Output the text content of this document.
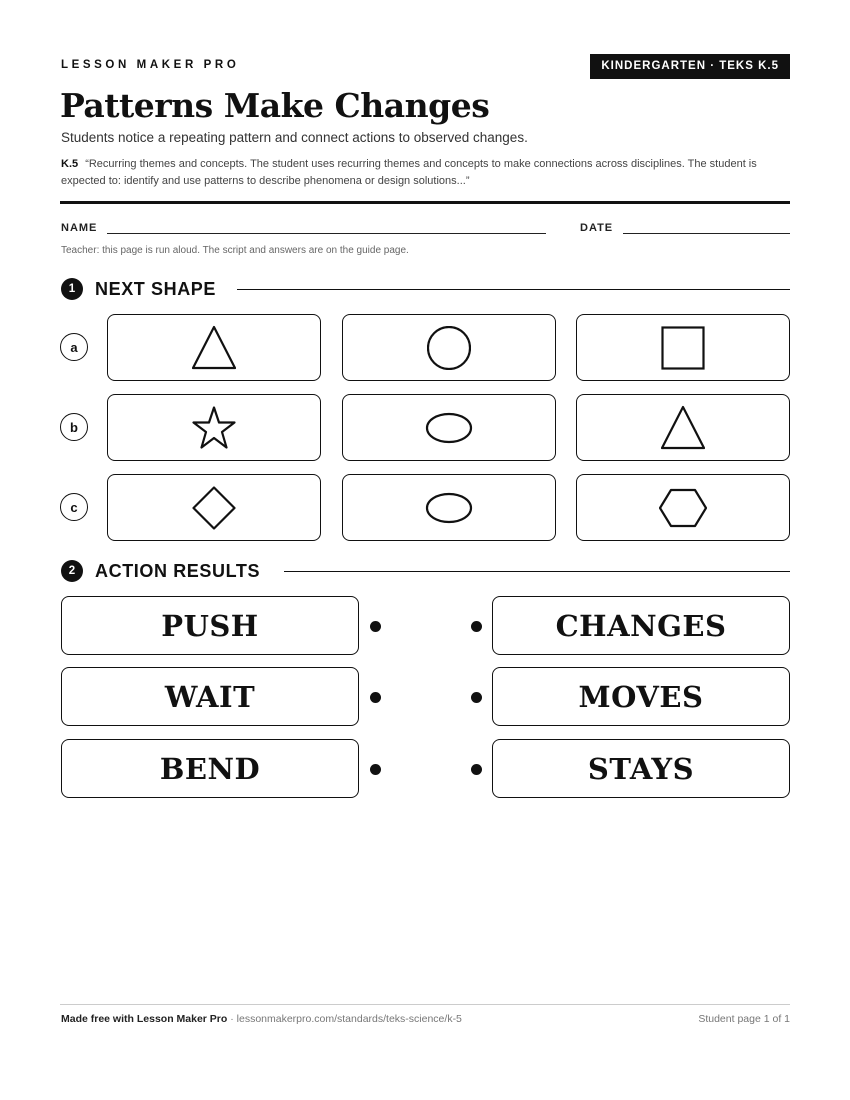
LESSON MAKER PRO	KINDERGARTEN · TEKS K.5
Patterns Make Changes
Students notice a repeating pattern and connect actions to observed changes.
K.5 “Recurring themes and concepts. The student uses recurring themes and concepts to make connections across disciplines. The student is expected to: identify and use patterns to describe phenomena or design solutions...”
NAME	DATE
Teacher: this page is run aloud. The script and answers are on the guide page.
1	NEXT SHAPE
a
b
c
2	ACTION RESULTS
PUSH
WAIT
BEND
CHANGES
MOVES
STAYS
Made free with Lesson Maker Pro · lessonmakerpro.com/standards/teks-science/k-5	Student page 1 of 1
